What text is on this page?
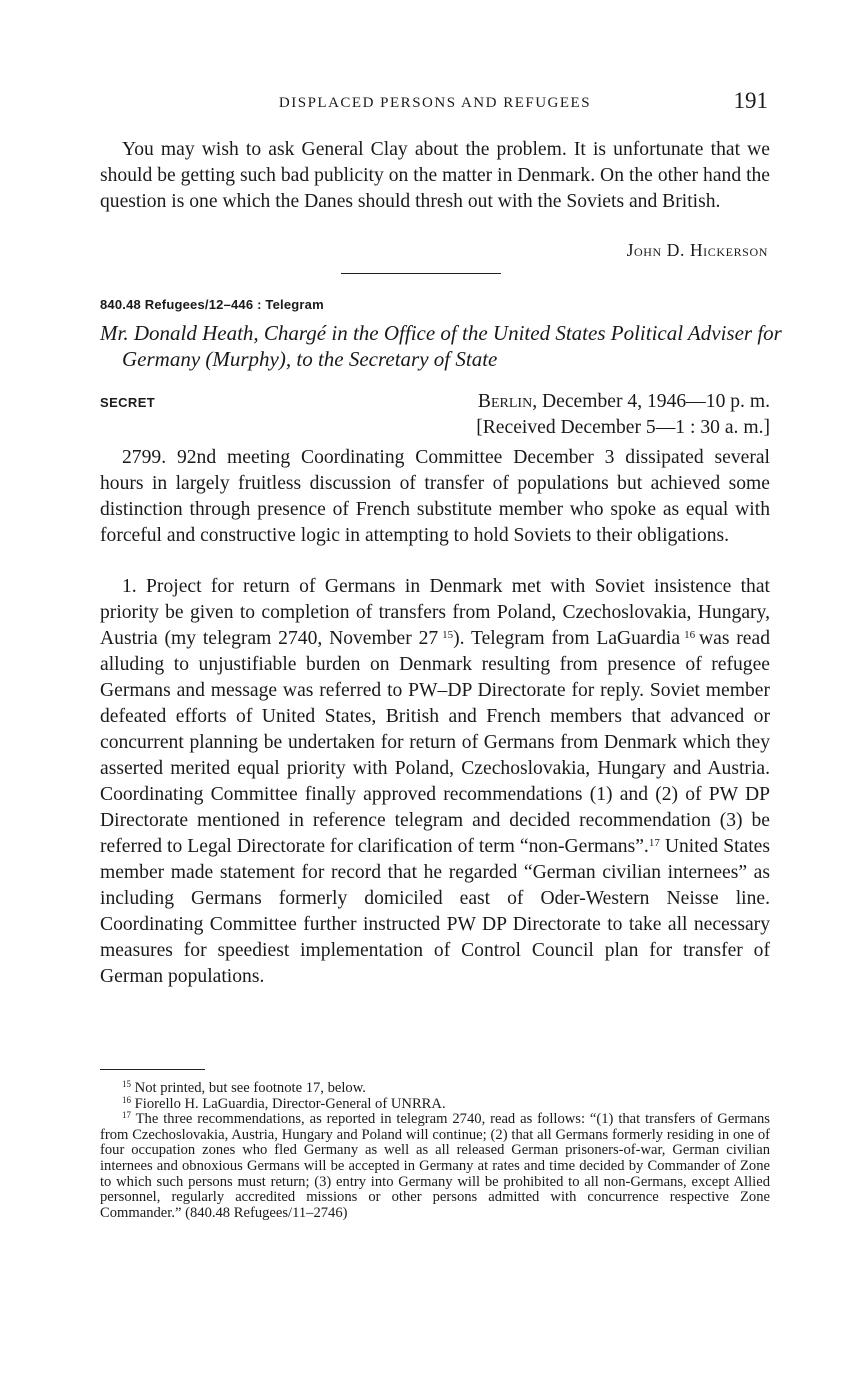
DISPLACED PERSONS AND REFUGEES	191

You may wish to ask General Clay about the problem. It is unfortunate that we should be getting such bad publicity on the matter in Denmark. On the other hand the question is one which the Danes should thresh out with the Soviets and British.

John D. Hickerson

840.48 Refugees/12–446 : Telegram

Mr. Donald Heath, Chargé in the Office of the United States Political Adviser for Germany (Murphy), to the Secretary of State

SECRET	Berlin, December 4, 1946—10 p. m.
[Received December 5—1 : 30 a. m.]

2799. 92nd meeting Coordinating Committee December 3 dissipated several hours in largely fruitless discussion of transfer of populations but achieved some distinction through presence of French substitute member who spoke as equal with forceful and constructive logic in attempting to hold Soviets to their obligations.

1. Project for return of Germans in Denmark met with Soviet insistence that priority be given to completion of transfers from Poland, Czechoslovakia, Hungary, Austria (my telegram 2740, November 27  $^{15}$). Telegram from LaGuardia  $^{16}$  was read alluding to unjustifiable burden on Denmark resulting from presence of refugee Germans and message was referred to PW–DP Directorate for reply. Soviet member defeated efforts of United States, British and French members that advanced or concurrent planning be undertaken for return of Germans from Denmark which they asserted merited equal priority with Poland, Czechoslovakia, Hungary and Austria. Coordinating Committee finally approved recommendations (1) and (2) of PW DP Directorate mentioned in reference telegram and decided recommendation (3) be referred to Legal Directorate for clarification of term “non-Germans”.$^{17}$ United States member made statement for record that he regarded “German civilian internees” as including Germans formerly domiciled east of Oder-Western Neisse line. Coordinating Committee further instructed PW DP Directorate to take all necessary measures for speediest implementation of Control Council plan for transfer of German populations.

$^{15}$ Not printed, but see footnote 17, below.

$^{16}$ Fiorello H. LaGuardia, Director-General of UNRRA.

$^{17}$ The three recommendations, as reported in telegram 2740, read as follows: “(1) that transfers of Germans from Czechoslovakia, Austria, Hungary and Poland will continue; (2) that all Germans formerly residing in one of four occupation zones who fled Germany as well as all released German prisoners-of-war, German civilian internees and obnoxious Germans will be accepted in Germany at rates and time decided by Commander of Zone to which such persons must return; (3) entry into Germany will be prohibited to all non-Germans, except Allied personnel, regularly accredited missions or other persons admitted with concurrence respective Zone Commander.” (840.48 Refugees/11–2746)
